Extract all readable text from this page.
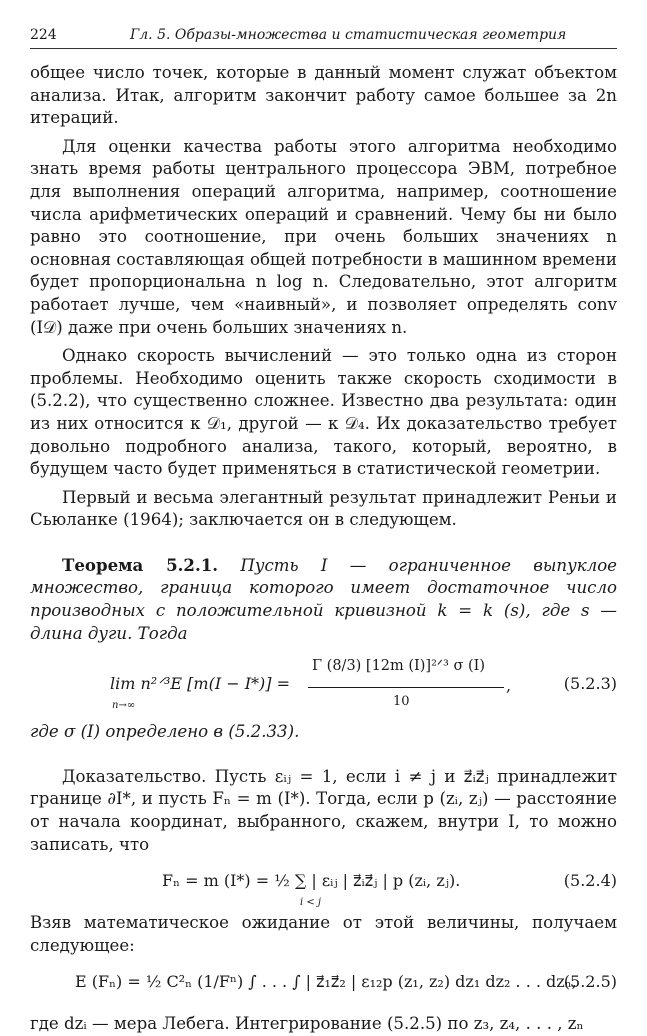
224	Гл. 5. Образы-множества и статистическая геометрия

общее число точек, которые в данный момент служат объектом анализа. Итак, алгоритм закончит работу самое большее за 2n итераций.

Для оценки качества работы этого алгоритма необходимо знать время работы центрального процессора ЭВМ, потребное для выполнения операций алгоритма, например, соотношение числа арифметических операций и сравнений. Чему бы ни было равно это соотношение, при очень больших значениях n основная составляющая общей потребности в машинном времени будет пропорциональна n log n. Следовательно, этот алгоритм работает лучше, чем «наивный», и позволяет определять conv (I𝒟) даже при очень больших значениях n.

Однако скорость вычислений — это только одна из сторон проблемы. Необходимо оценить также скорость сходимости в (5.2.2), что существенно сложнее. Известно два результата: один из них относится к 𝒟₁, другой — к 𝒟₄. Их доказательство требует довольно подробного анализа, такого, который, вероятно, в будущем часто будет применяться в статистической геометрии.

Первый и весьма элегантный результат принадлежит Реньи и Сьюланке (1964); заключается он в следующем.

Теорема 5.2.1. Пусть I — ограниченное выпуклое множество, граница которого имеет достаточное число производных с положительной кривизной k = k (s), где s — длина дуги. Тогда

lim n²ᐟ³E [m(I − I*)] =
n→∞
Γ (8/3) [12m (I)]²ᐟ³ σ (I)
10
,	(5.2.3)

где σ (I) определено в (5.2.33).

Доказательство. Пусть εᵢⱼ = 1, если i ≠ j и z⃗ᵢz⃗ⱼ принадлежит границе ∂I*, и пусть Fₙ = m (I*). Тогда, если p (zᵢ, zⱼ) — расстояние от начала координат, выбранного, скажем, внутри I, то можно записать, что

Fₙ = m (I*) = ½ ∑ | εᵢⱼ | z⃗ᵢz⃗ⱼ | p (zᵢ, zⱼ).
i < j
(5.2.4)

Взяв математическое ожидание от этой величины, получаем следующее:

E (Fₙ) = ½ C²ₙ (1/Fⁿ) ∫ . . . ∫ | z⃗₁z⃗₂ | ε₁₂p (z₁, z₂) dz₁ dz₂ . . . dzₙ,
(5.2.5)

где dzᵢ — мера Лебега. Интегрирование (5.2.5) по z₃, z₄, . . . , zₙ
